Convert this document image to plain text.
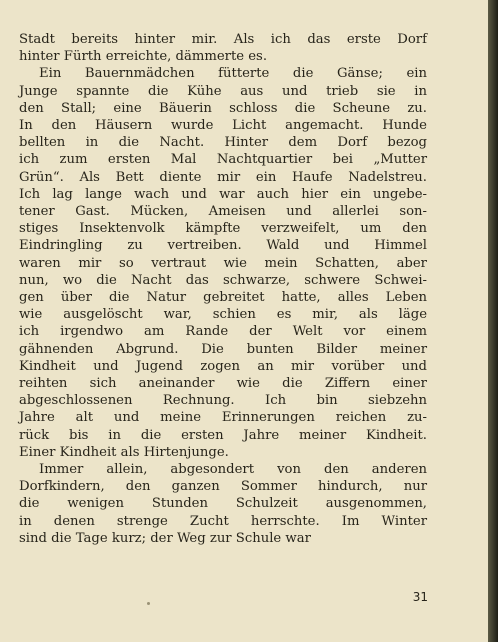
Stadt bereits hinter mir. Als ich das erste Dorf
hinter Fürth erreichte, dämmerte es.
Ein Bauernmädchen fütterte die Gänse; ein
Junge spannte die Kühe aus und trieb sie in
den Stall; eine Bäuerin schloss die Scheune zu.
In den Häusern wurde Licht angemacht. Hunde
bellten in die Nacht. Hinter dem Dorf bezog
ich zum ersten Mal Nachtquartier bei „Mutter
Grün“. Als Bett diente mir ein Haufe Nadelstreu.
Ich lag lange wach und war auch hier ein ungebe-
tener Gast. Mücken, Ameisen und allerlei son-
stiges Insektenvolk kämpfte verzweifelt, um den
Eindringling zu vertreiben. Wald und Himmel
waren mir so vertraut wie mein Schatten, aber
nun, wo die Nacht das schwarze, schwere Schwei-
gen über die Natur gebreitet hatte, alles Leben
wie ausgelöscht war, schien es mir, als läge
ich irgendwo am Rande der Welt vor einem
gähnenden Abgrund. Die bunten Bilder meiner
Kindheit und Jugend zogen an mir vorüber und
reihten sich aneinander wie die Ziffern einer
abgeschlossenen Rechnung. Ich bin siebzehn
Jahre alt und meine Erinnerungen reichen zu-
rück bis in die ersten Jahre meiner Kindheit.
Einer Kindheit als Hirtenjunge.
Immer allein, abgesondert von den anderen
Dorfkindern, den ganzen Sommer hindurch, nur
die wenigen Stunden Schulzeit ausgenommen,
in denen strenge Zucht herrschte. Im Winter
sind die Tage kurz; der Weg zur Schule war
31
